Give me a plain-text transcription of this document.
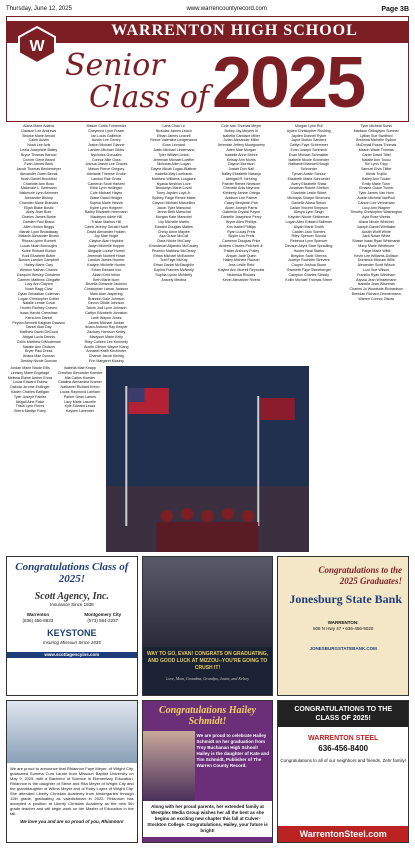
Thursday, June 12, 2025	www.warrencountyrecord.com	Page 3B
W
WARRENTON HIGH SCHOOL
Senior
Class of 2025
Alana Marie Adams
Dawson Lee Andrews
Brooke Marie Arnold
Caleb Austin
Noah Lee Avis
Leela Josephine Bailey
Bryce Thomas Barrow
Conner Gene Beard
Evan James Beck
Jacob Thomas Beckemeyer
Alexander Owen Bevak
Noah Daniel Brockfeld
Charlotte Ann Boso
Makenzie L. Bettmann
Makenzie Lynn Brimmer
Alexander Bishop
Chandler Marie Brandes
Elijah Blake Bostic
Abby Jean Bote
Charles James Burke
Damien Paul Brand
Allen Holton Briggs
Mariah Lynn Broadaway
Malachi Alexander Brown
Riksza Lynne Burnett
Lucas Noah Burroughs
Kolbe Richard Burton
Kodi Elizabeth Butler
Boston Landon Campbell
Hailey Marie Cary
Weston Nathan Chavez
Ezequiel Wesley Chesterer
Carmen Matthew Clingaffe
Lucy Ann Clayton
Noah Ragg Clow
Dylan Sebastian Coleman
Logan Christopher Collier
Natalie Lenae Coval
Hunter Rodney Craven
Isaac Harold Crenshaw
Kiera Ann Daniel
Peyton Bennett Kaighan Dawson
Daniel Alan Day
Matthew David DeGood
Abigail Lucia Dennis
Collin Matthew DiModeman
Natalie Ann Dodson
Bryer Paul Dress
Ariana Mae Duncan
Destiny Nicole Duncan
Mason Curtis Fohrenster
Cheyenne Lynn Frazer
Ian Louis Gallerice
Austin Lee Gentry
Juston Michael Gianne
Landen Michael Gibbs
Nycholes Gonzalez
Connor Allie Goss
Joshua Jassin Lee Graves
Mason Pierce Gregory
Adelaide Therese Grube
Landon Rae Gruss
Cameron Scott Hartzell
Kelsi Lynn Heilingso
Cole Michael Hayes
Blake David Hedger
Sophia Marie Hessle
Kylee Lynn Hofgeert
Bailey Elizabeth Herrmann
Madelynn Adele Hill
Tristan Markus Hill
Caleb Jeremy Gerald Hoeft
David Alexander Holden
Joy Mae Hogle
Clayton Alan Hopkins
Jadyn Michelle Hopper
Abigayle Louise Horrell
Jeremiah Norbert Howe
Landon James Huerter
Kadynn Michelle Hunter
Ethan Edward Ivor
Aidan Kent Ireton
Beth Marie Isom
Brizella Dimarcie Jackson
Christopher Lamar Jackson
Mark Alan Jaspering
Brandon Dale Johnson
Devon Ollidie Johnson
Tatum Jodi Lynn Johnson
Caitlyn Elizabeth Johnston
Lane Wayne Jones
James Michael Jordan
Isham Antonio Ray Keeper
Zachary Harrison Kelley
Madyson Marie Kelly
Riley Colleen Lee Kennedy
Austin Clinton Wayne Kiang
Annabel Kraih Kirchhofer
Chance Jacob Kleinig
Erin Margaret Klusing
Lana Chau Le
Nickolas James Leach
Ethan James Leavell
Reece Valentine Ledgerwood
Evan Leonard
Justin Michael Lindemann
Tyler William Linton
Jeremiah Michael Loeffler
Nicholas Allen Logan
Dayne Micah Logan-Blattner
Isabella May Lombardo
Matthew Williams Longacre
Nyasia Neshion Love
Brookelyn Marie Lovell
Torey Jayden Loyd Jr.
Sydney Paige Renee Mabe
Clayton Michael Marcellino
Jacob Tyler Marschal
Jenna Beth Marschal
Morgan Kate Marschel
Lily Michelle Martin
Edward Douglas Mattes
Chrisy Anne Maylee
Asa Grace McCall
Ciara Nicole McCarty
Emmanuel Alijandro McCauley
Phoenix Matthew McCleary
Ethan Michael McEachen
Toni Faye McKay
Ethan Daniel McDaughlin
Sophia Frances McNeely
Sophia Lynne McNeely
Aracely Medina
Cole Ivan Thomas Meyer
Bobby Jay Meyers III
Isabella Candace Miller
Julian Alexander Miller
Jeremiah Jeffery Montgomery
Aden Mae Morgan
Isabelle Anne Mohrs
Kelsay Ann Morris
Dayron Morrison
Josiah Don Nail
Bailey Elizabeth Naranjo
Abbigail R. Nehring
Paeder Renee Newsom
Chenelle Anis Neyrons
Kimberly Jenise Ortega
Addison Lee Palmer
Casey Benjamin Parr
Aiden Joseph Parris
Gabriella Crystal Payne
Danielle Josephine Percy
Bryce Allen Phillips
Kris Isabel Phillips
Ryan Lucas Preis
Skyler Lou Preis
Cameron Douglas Price
Andrew Charles Pritchett Jr.
Tristan Anthony Pulley
Aniyah Jade Quinn
Hailey Michele Rausch
Jess Leslie Reid
Kaylee Ann Morrell Reynolds
Mukeska Rhodes
Kevin Alexander Rivera
Morgan Lynn Ruf
Ayden Christopher Rushing
Jayden Donnell Ryker
Jayce Burton Sanders
Caitlyn Faye Schemmer
Evan Joseph Schmeck
Evan Michael Schmalder
Isabelle Nicole Schneider
Nathaniel Maxwell Hough
Schroeder
Tyman Austin Schuur
Elizabeth Marie Schroeder
Avery Elizabeth Shaw
Jonathan Robert Shelton
Charlotte Leslie Sibert
Michayla Sharpe Simmons
Danielle Alissa Simon
Callan Vincent Simpson
Alesya Lynn Singh
Kayden Nicole Sinkleman
Logan Allen Edward Skillman
Aliyah Marie Smith
Caiden Jack Somers
Riley Spencer Sonola
Rebecca Lynn Spencer
Devaun Abyol Starr Spradling
Hunter Neal Starks
Braydon Scott Strevns
Jocelyn Rochelle Strevers
Cooper Joshua Stone
Gweneth Faye Stoneberger
Campton Charles Strickly
Kollin Michael Thomas Streer
Tyler Micheal Surss
Madison Orikaylynn Sumner
Lyllian Sue Swofford
Breanna Michelle Sydnor
McDonall Rosas Thomas
Mason Wade Thomas
Carter David Tittel
Natalie Ann Toccu
Kiri Lynn Tripp
Samuel Elvis Tittler
Alexis Trujillo
Hailey Ann Tucker
Emily Marie Turor
Emalee Grace Turner
Tyler James Van Horn
Austin Micheal VanPool
Carson Lee Venneman
Lucy Ann Wagner
Timothy Christopher Washington
Ayla Rose Weeks
Alana Nicole Whitchel
Joseph Daniel Whittaker
Austin Wolff White
Jack Nolan White
Shawn Isaac Ryan Whitmarsh
Macy Marie Whittmore
Paige Marie Wildt
Kevin Lee Williams-Dollison
Dominick Michael Wills
Alexander Scott Wilson
Luci Sue Wilson
Franklin Ryan Windham
Alyssa Jean Winkelmann
Isabella Jean Wiseman
Charles Jo Woodside-Richardson
Brendan Richard Zimmermann
Warren Connor Zitzow
Jordan Marie Nicole Ellis
Lindsey Marie Engelage
Melissa Elaine Amber Ennis
Lucas Edward Eskew
Dakota Jerome Estlinger
Kaden Charles Eattigan
Tyler Joseph Fairfax
Abigail Aine Flake
Trista Lynn Flores
Sierra Marilyn Foley
Isabella Mae Knapp
Christian Alexander Koester
Mia Carlos Koester
Catalina Alexandria Kramer
Nathaniel Richard Krech
Lucas Raymond Lanham
Parker Dean Larsen
Lacy Marie Lascelle
Kyle Edward Leack
Kaysee Lavender
Congratulations Class of 2025!
Scott Agency, Inc.
Insurance Since 1938
Warrenton
(636) 456-8633
Montgomery City
(573) 564-2237
KEYSTONE
Insuring Missouri Since 1935
www.scottagencyins.com	WAY TO GO, EVAN! CONGRATS ON GRADUATING, AND GOOD LUCK AT MIZZOU--YOU'RE GOING TO CRUSH IT!
Love, Mom, Grandma, Grandpa, Justin, and Kelsey
Congratulations to the 2025 Graduates!
Jonesburg State Bank
WARRENTON:
508 N Hwy 47 • 636-456-9020
JONESBURGSTATEBANK.COM
We are proud to announce that Rhiannon Faye Meyer, of Wright City, graduated Summa Cum Laude from Missouri Baptist University on May 9, 2025, with a Bachelor of Science in Elementary Education. Rhiannon is the daughter of Steve and Rita Meyer of Wright City and the granddaughter of Wilma Meyer and of Ruby Lopez of Wright City. She attended Liberty Christian Academy from kindergarten through 12th grade, graduating as valedictorian in 2022. Rhiannon has accepted a position at Liberty Christian Academy as the new 5th grade teacher and will begin work on her Master of Education in the fall.
We love you and are so proud of you, Rhiannon!
Congratulations Hailey Schmidt!
We are proud to celebrate Hailey Schmidt on her graduation from Troy Buchanan High School! Hailey is the daughter of Kate and Tim Schmidt, Publisher of The Warren County Record.
Along with her proud parents, her extended family at Westplex Media Group wishes her all the best as she begins an exciting new chapter this fall at Culver-Stockton College. Congratulations, Hailey, your future is bright!
CONGRATULATIONS TO THE CLASS OF 2025!
WARRENTON STEEL
636-456-8400
Congratulations to all of our neighbors and friends, Zehr family!
WarrentonSteel.com
